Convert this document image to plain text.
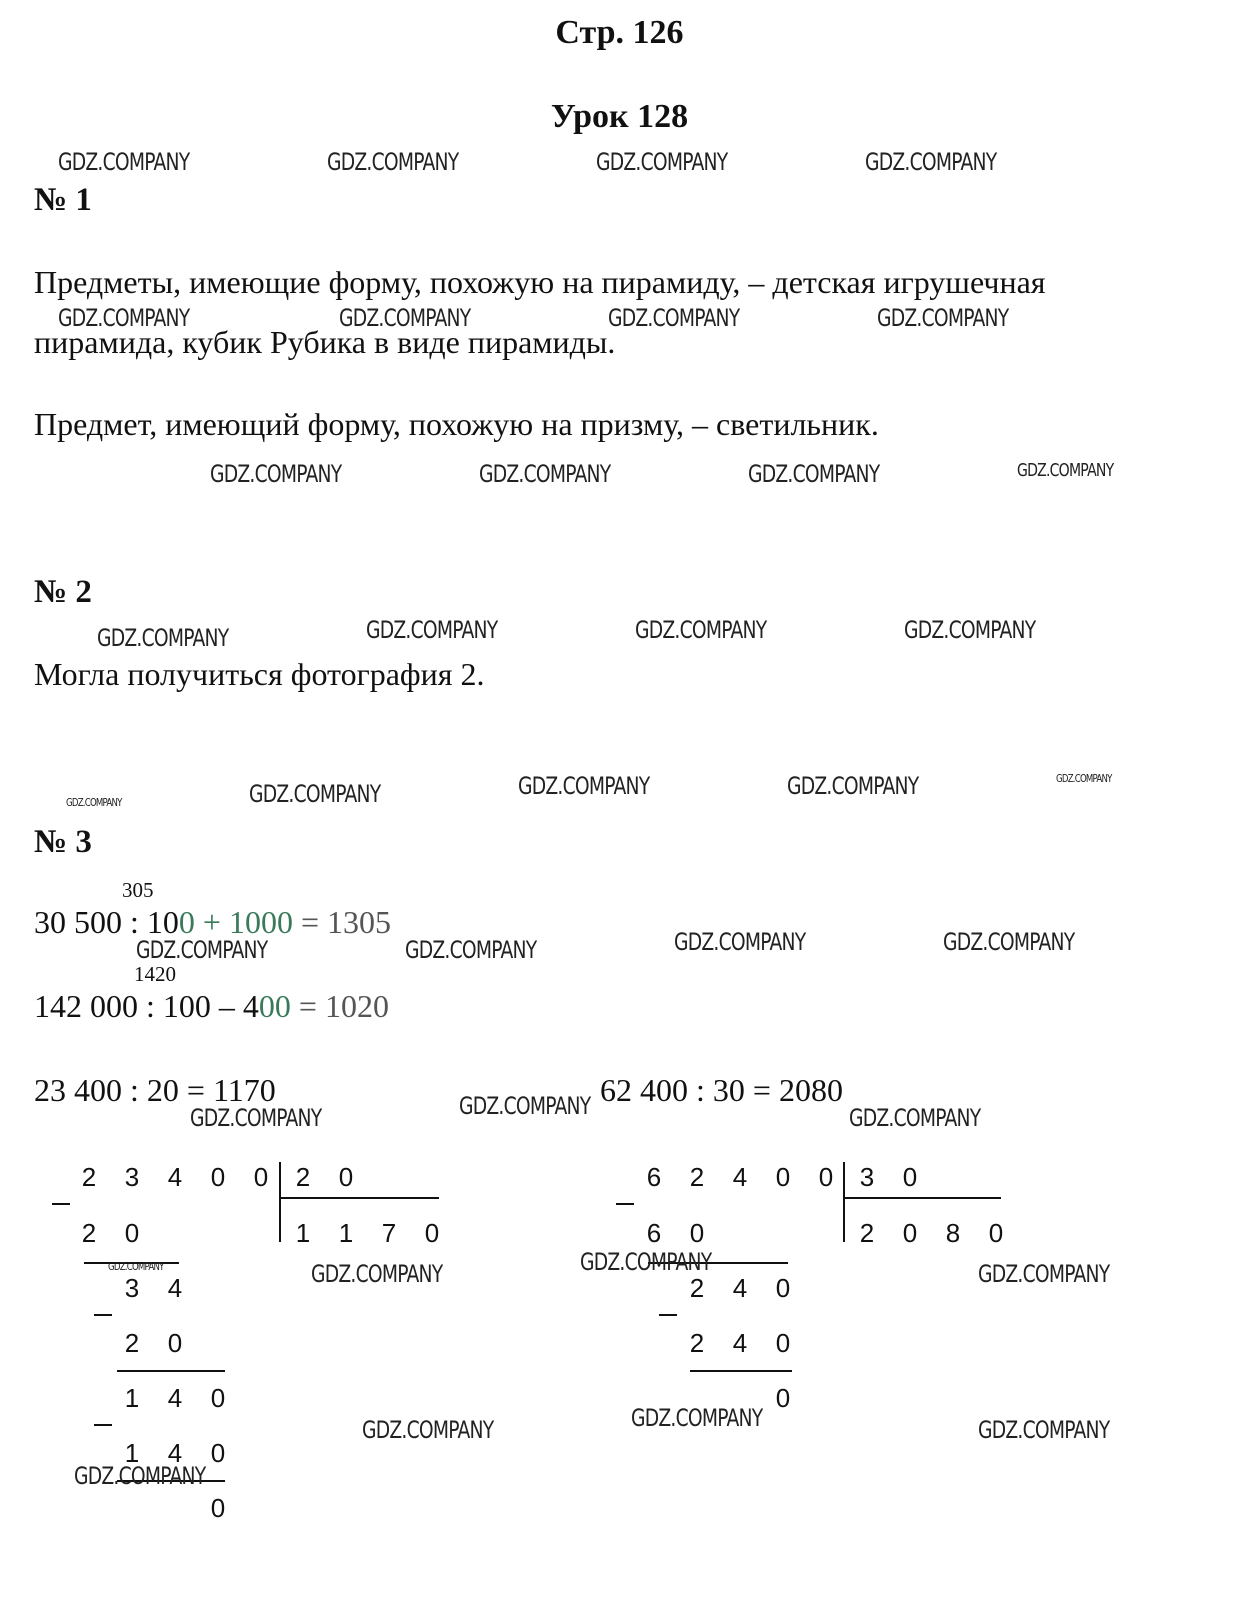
Стр. 126
Урок 128
№ 1
Предметы, имеющие форму, похожую на пирамиду, – детская игрушечная
пирамида, кубик Рубика в виде пирамиды.
Предмет, имеющий форму, похожую на призму, – светильник.
№ 2
Могла получиться фотография 2.
№ 3
305
30 500 : 100 + 1000 = 1305
1420
142 000 : 100 – 400 = 1020
23 400 : 20 = 1170	62 400 : 30 = 2080
2 3 4 0 0 2 0
1 1 7 0
2 0
3 4
2 0
1 4 0
1 4 0
0
6 2 4 0 0 3 0
2 0 8 0
6 0
2 4 0
2 4 0
0
GDZ.COMPANY	GDZ.COMPANY	GDZ.COMPANY	GDZ.COMPANY
GDZ.COMPANY	GDZ.COMPANY	GDZ.COMPANY	GDZ.COMPANY
GDZ.COMPANY	GDZ.COMPANY	GDZ.COMPANY	GDZ.COMPANY
GDZ.COMPANY	GDZ.COMPANY	GDZ.COMPANY	GDZ.COMPANY
GDZ.COMPANY	GDZ.COMPANY	GDZ.COMPANY	GDZ.COMPANY	GDZ.COMPANY
GDZ.COMPANY	GDZ.COMPANY	GDZ.COMPANY	GDZ.COMPANY
GDZ.COMPANY	GDZ.COMPANY	GDZ.COMPANY
GDZ.COMPANY	GDZ.COMPANY	GDZ.COMPANY	GDZ.COMPANY
GDZ.COMPANY	GDZ.COMPANY	GDZ.COMPANY
GDZ.COMPANY
